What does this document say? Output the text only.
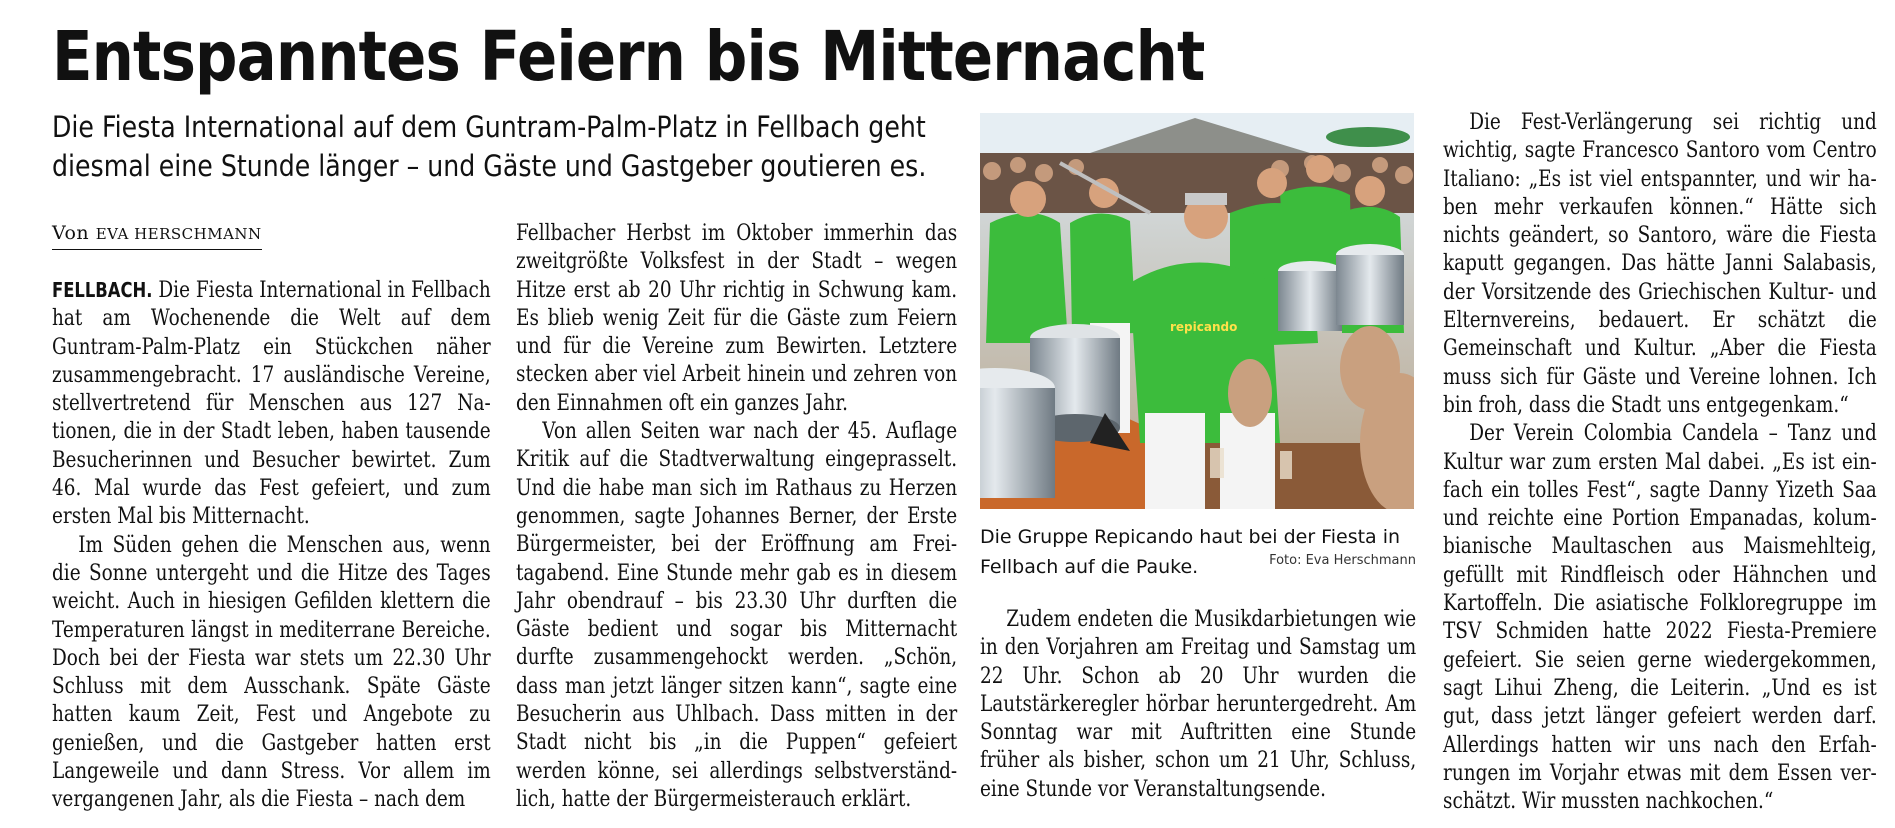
Entspanntes Feiern bis Mitternacht

Die Fiesta International auf dem Guntram-Palm-Platz in Fellbach geht diesmal eine Stunde länger – und Gäste und Gastgeber goutieren es.

Von EVA HERSCHMANN

FELLBACH. Die Fiesta International in Fellbach hat am Wochenende die Welt auf dem Guntram-Palm-Platz ein Stückchen näher zusammengebracht. 17 ausländische Vereine, stellvertretend für Menschen aus 127 Nationen, die in der Stadt leben, haben tausende Besucherinnen und Besucher bewirtet. Zum 46. Mal wurde das Fest gefeiert, und zum ersten Mal bis Mitternacht.

Im Süden gehen die Menschen aus, wenn die Sonne untergeht und die Hitze des Tages weicht. Auch in hiesigen Gefilden klettern die Temperaturen längst in mediterrane Bereiche. Doch bei der Fiesta war stets um 22.30 Uhr Schluss mit dem Ausschank. Späte Gäste hatten kaum Zeit, Fest und Angebote zu genießen, und die Gastgeber hatten erst Langeweile und dann Stress. Vor allem im vergangenen Jahr, als die Fiesta – nach dem

Fellbacher Herbst im Oktober immerhin das zweitgrößte Volksfest in der Stadt – wegen Hitze erst ab 20 Uhr richtig in Schwung kam. Es blieb wenig Zeit für die Gäste zum Feiern und für die Vereine zum Bewirten. Letztere stecken aber viel Arbeit hinein und zehren von den Einnahmen oft ein ganzes Jahr.

Von allen Seiten war nach der 45. Auflage Kritik auf die Stadtverwaltung eingeprasselt. Und die habe man sich im Rathaus zu Herzen genommen, sagte Johannes Berner, der Erste Bürgermeister, bei der Eröffnung am Freitagabend. Eine Stunde mehr gab es in diesem Jahr obendrauf – bis 23.30 Uhr durften die Gäste bedient und sogar bis Mitternacht durfte zusammengehockt werden. „Schön, dass man jetzt länger sitzen kann“, sagte eine Besucherin aus Uhlbach. Dass mitten in der Stadt nicht bis „in die Puppen“ gefeiert werden könne, sei allerdings selbstverständlich, hatte der Bürgermeisterauch erklärt.

repicando
Die Gruppe Repicando haut bei der Fiesta in Fellbach auf die Pauke.	Foto: Eva Herschmann

Zudem endeten die Musikdarbietungen wie in den Vorjahren am Freitag und Samstag um 22 Uhr. Schon ab 20 Uhr wurden die Lautstärkeregler hörbar heruntergedreht. Am Sonntag war mit Auftritten eine Stunde früher als bisher, schon um 21 Uhr, Schluss, eine Stunde vor Veranstaltungsende.

Die Fest-Verlängerung sei richtig und wichtig, sagte Francesco Santoro vom Centro Italiano: „Es ist viel entspannter, und wir haben mehr verkaufen können.“ Hätte sich nichts geändert, so Santoro, wäre die Fiesta kaputt gegangen. Das hätte Janni Salabasis, der Vorsitzende des Griechischen Kultur- und Elternvereins, bedauert. Er schätzt die Gemeinschaft und Kultur. „Aber die Fiesta muss sich für Gäste und Vereine lohnen. Ich bin froh, dass die Stadt uns entgegenkam.“

Der Verein Colombia Candela – Tanz und Kultur war zum ersten Mal dabei. „Es ist einfach ein tolles Fest“, sagte Danny Yizeth Saa und reichte eine Portion Empanadas, kolumbianische Maultaschen aus Maismehlteig, gefüllt mit Rindfleisch oder Hähnchen und Kartoffeln. Die asiatische Folkloregruppe im TSV Schmiden hatte 2022 Fiesta-Premiere gefeiert. Sie seien gerne wiedergekommen, sagt Lihui Zheng, die Leiterin. „Und es ist gut, dass jetzt länger gefeiert werden darf. Allerdings hatten wir uns nach den Erfahrungen im Vorjahr etwas mit dem Essen verschätzt. Wir mussten nachkochen.“
